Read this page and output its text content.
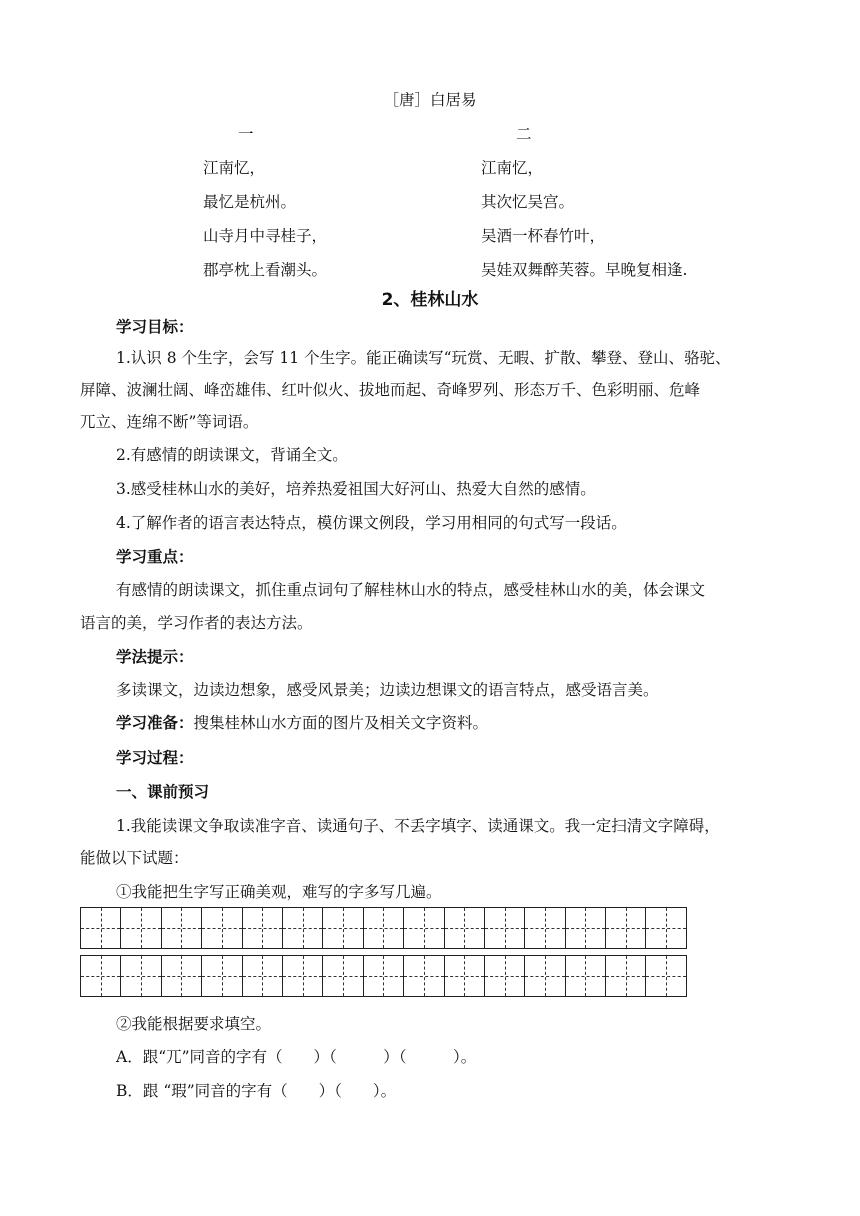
［唐］白居易
一	二
江南忆，
最忆是杭州。
山寺月中寻桂子，
郡亭枕上看潮头。
江南忆，
其次忆吴宫。
吴酒一杯春竹叶，
吴娃双舞醉芙蓉。早晚复相逢.
2、桂林山水
学习目标：
1.认识 8 个生字，会写 11 个生字。能正确读写“玩赏、无暇、扩散、攀登、登山、骆驼、
屏障、波澜壮阔、峰峦雄伟、红叶似火、拔地而起、奇峰罗列、形态万千、色彩明丽、危峰
兀立、连绵不断”等词语。
2.有感情的朗读课文，背诵全文。
3.感受桂林山水的美好，培养热爱祖国大好河山、热爱大自然的感情。
4.了解作者的语言表达特点，模仿课文例段，学习用相同的句式写一段话。
学习重点：
有感情的朗读课文，抓住重点词句了解桂林山水的特点，感受桂林山水的美，体会课文
语言的美，学习作者的表达方法。
学法提示：
多读课文，边读边想象，感受风景美；边读边想课文的语言特点，感受语言美。
学习准备：搜集桂林山水方面的图片及相关文字资料。
学习过程：
一、课前预习
1.我能读课文争取读准字音、读通句子、不丢字填字、读通课文。我一定扫清文字障碍，
能做以下试题：
①我能把生字写正确美观，难写的字多写几遍。
②我能根据要求填空。
A．跟“兀”同音的字有（　　）（　　　）（　　　）。
B．跟 “瑕”同音的字有（　　）（　　）。
